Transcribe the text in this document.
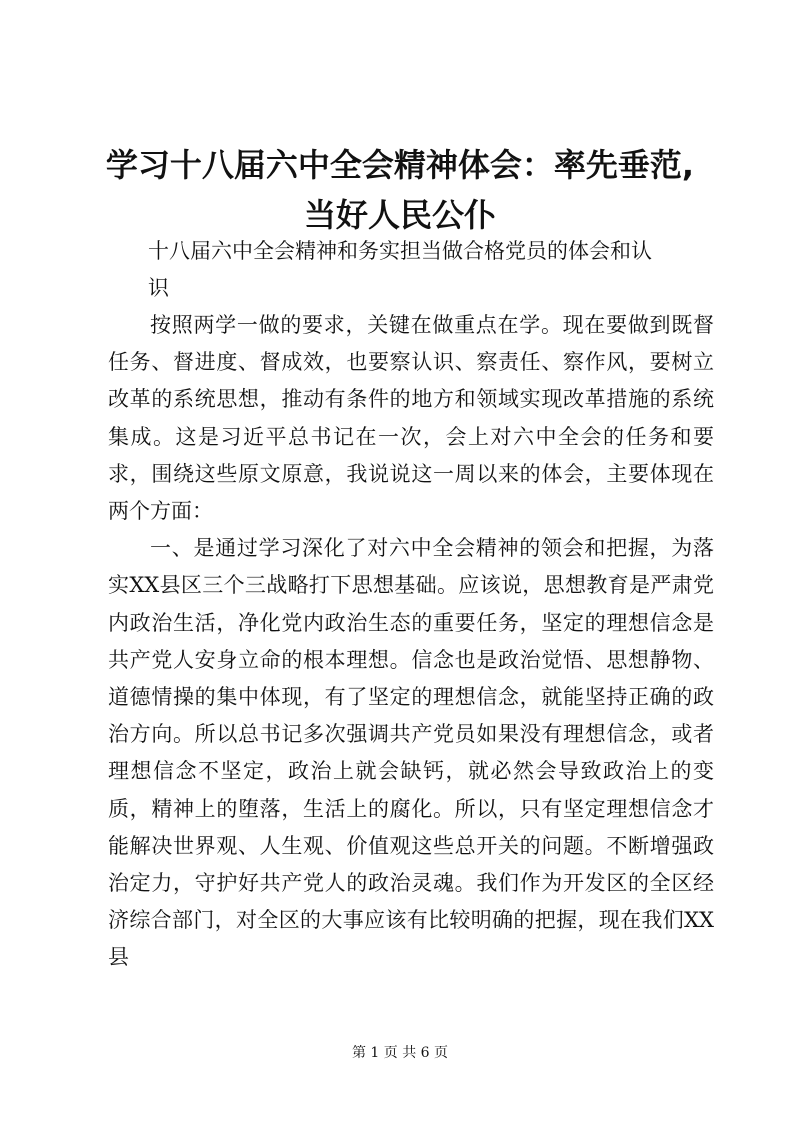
学习十八届六中全会精神体会：率先垂范,当好人民公仆

十八届六中全会精神和务实担当做合格党员的体会和认识

按照两学一做的要求，关键在做重点在学。现在要做到既督任务、督进度、督成效，也要察认识、察责任、察作风，要树立改革的系统思想，推动有条件的地方和领域实现改革措施的系统集成。这是习近平总书记在一次，会上对六中全会的任务和要求，围绕这些原文原意，我说说这一周以来的体会，主要体现在两个方面：

一、是通过学习深化了对六中全会精神的领会和把握，为落实XX县区三个三战略打下思想基础。应该说，思想教育是严肃党内政治生活，净化党内政治生态的重要任务，坚定的理想信念是共产党人安身立命的根本理想。信念也是政治觉悟、思想静物、道德情操的集中体现，有了坚定的理想信念，就能坚持正确的政治方向。所以总书记多次强调共产党员如果没有理想信念，或者理想信念不坚定，政治上就会缺钙，就必然会导致政治上的变质，精神上的堕落，生活上的腐化。所以，只有坚定理想信念才能解决世界观、人生观、价值观这些总开关的问题。不断增强政治定力，守护好共产党人的政治灵魂。我们作为开发区的全区经济综合部门，对全区的大事应该有比较明确的把握，现在我们XX县

第 1 页 共 6 页
